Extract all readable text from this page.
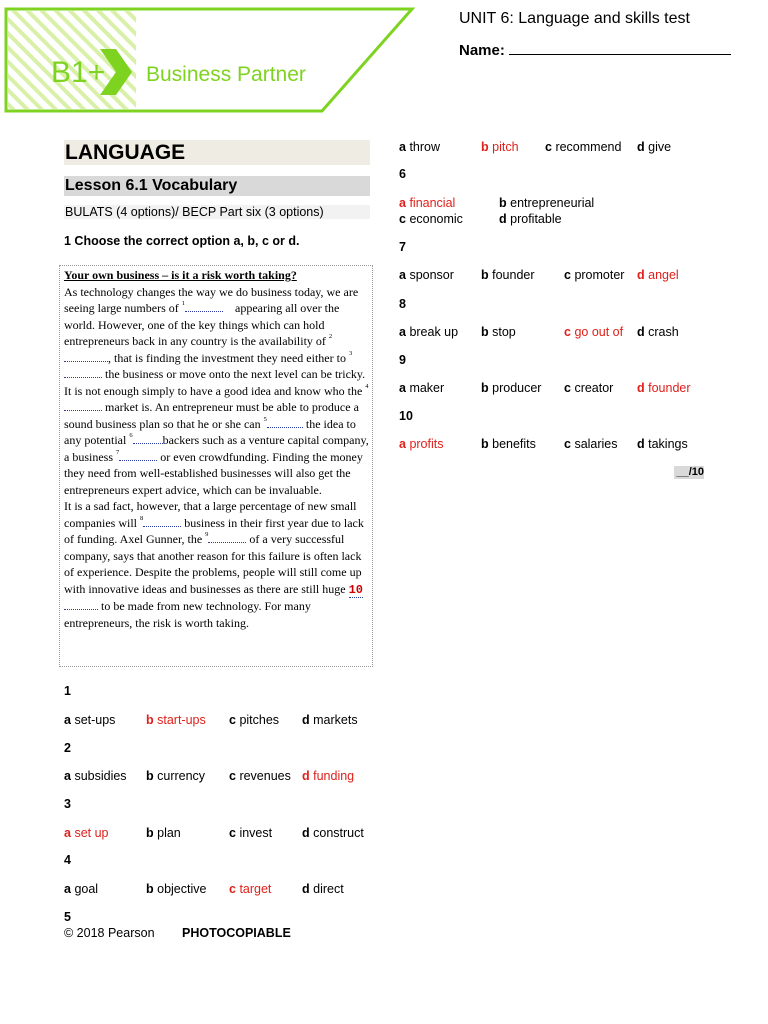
B1+ Business Partner
UNIT 6: Language and skills test
Name:
LANGUAGE
Lesson 6.1 Vocabulary
BULATS (4 options)/ BECP Part six (3 options)
1 Choose the correct option a, b, c or d.
Your own business – is it a risk worth taking?
As technology changes the way we do business today, we are seeing large numbers of $^1$	appearing all over the world. However, one of the key things which can hold entrepreneurs back in any country is the availability of $^2$, that is finding the investment they need either to $^3$ the business or move onto the next level can be tricky. It is not enough simply to have a good idea and know who the $^4$ market is. An entrepreneur must be able to produce a sound business plan so that he or she can $^5$	the idea to any potential $^6$	backers such as a venture capital company, a business $^7$	or even crowdfunding. Finding the money they need from well-established businesses will also get the entrepreneurs expert advice, which can be invaluable.
It is a sad fact, however, that a large percentage of new small companies will $^8$	business in their first year due to lack of funding. Axel Gunner, the $^9$	of a very successful company, says that another reason for this failure is often lack of experience. Despite the problems, people will still come up with innovative ideas and businesses as there are still huge 10 to be made from new technology. For many entrepreneurs, the risk is worth taking.
1
a set-ups b start-ups c pitches d markets
2
a subsidies b currency c revenues d funding
3
a set up	b plan	c invest d construct
4
a goal	b objective c target d direct
5
© 2018 Pearson PHOTOCOPIABLE
a throw	b pitch c recommend d give
6
a financial	b entrepreneurial
c economic	d profitable
7
a sponsor b founder c promoter d angel
8
a break up b stop	c go out of d crash
9
a maker	b producer c creator d founder
10
a profits	b benefits c salaries d takings
__/10
